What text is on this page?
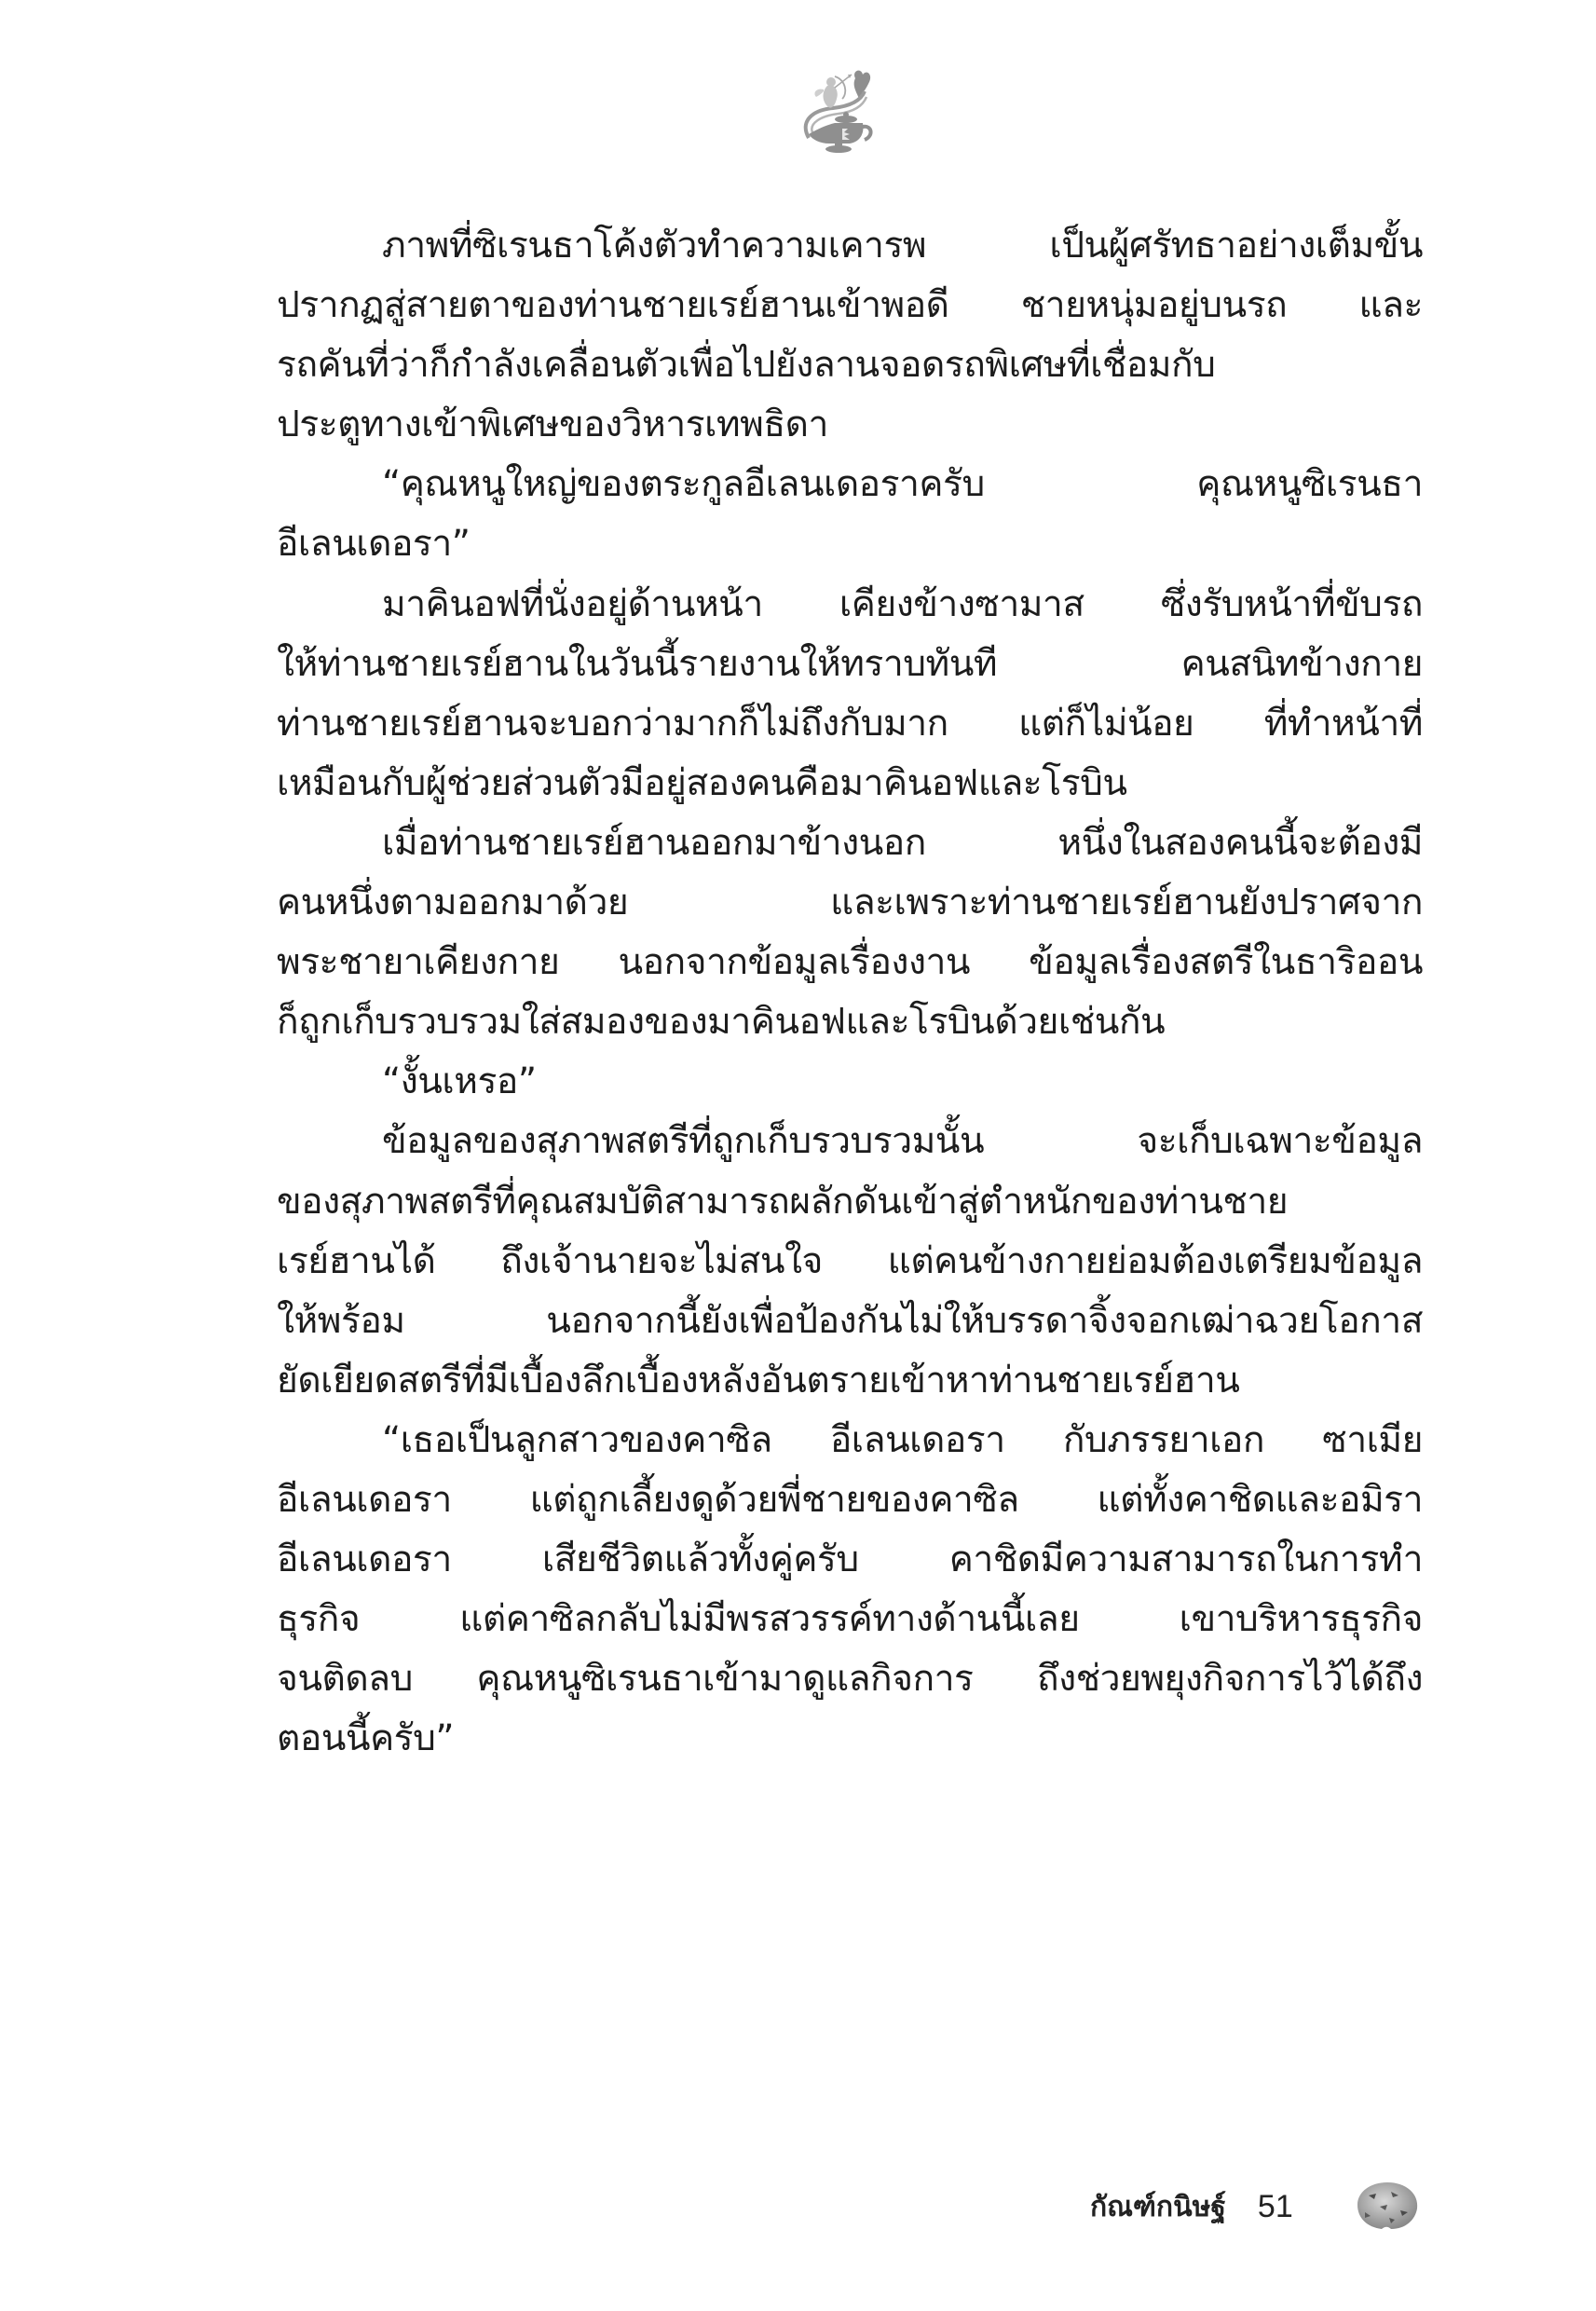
ภาพที่ซิเรนธาโค้งตัวทำความเคารพ เป็นผู้ศรัทธาอย่างเต็มขั้น
ปรากฏสู่สายตาของท่านชายเรย์ฮานเข้าพอดี ชายหนุ่มอยู่บนรถ และ
รถคันที่ว่าก็กำลังเคลื่อนตัวเพื่อไปยังลานจอดรถพิเศษที่เชื่อมกับ
ประตูทางเข้าพิเศษของวิหารเทพธิดา
“คุณหนูใหญ่ของตระกูลอีเลนเดอราครับ คุณหนูซิเรนธา
อีเลนเดอรา”
มาคินอฟที่นั่งอยู่ด้านหน้า เคียงข้างซามาส ซึ่งรับหน้าที่ขับรถ
ให้ท่านชายเรย์ฮานในวันนี้รายงานให้ทราบทันที คนสนิทข้างกาย
ท่านชายเรย์ฮานจะบอกว่ามากก็ไม่ถึงกับมาก แต่ก็ไม่น้อย ที่ทำหน้าที่
เหมือนกับผู้ช่วยส่วนตัวมีอยู่สองคนคือมาคินอฟและโรบิน
เมื่อท่านชายเรย์ฮานออกมาข้างนอก หนึ่งในสองคนนี้จะต้องมี
คนหนึ่งตามออกมาด้วย และเพราะท่านชายเรย์ฮานยังปราศจาก
พระชายาเคียงกาย นอกจากข้อมูลเรื่องงาน ข้อมูลเรื่องสตรีในธาริออน
ก็ถูกเก็บรวบรวมใส่สมองของมาคินอฟและโรบินด้วยเช่นกัน
“งั้นเหรอ”
ข้อมูลของสุภาพสตรีที่ถูกเก็บรวบรวมนั้น จะเก็บเฉพาะข้อมูล
ของสุภาพสตรีที่คุณสมบัติสามารถผลักดันเข้าสู่ตำหนักของท่านชาย
เรย์ฮานได้ ถึงเจ้านายจะไม่สนใจ แต่คนข้างกายย่อมต้องเตรียมข้อมูล
ให้พร้อม นอกจากนี้ยังเพื่อป้องกันไม่ให้บรรดาจิ้งจอกเฒ่าฉวยโอกาส
ยัดเยียดสตรีที่มีเบื้องลึกเบื้องหลังอันตรายเข้าหาท่านชายเรย์ฮาน
“เธอเป็นลูกสาวของคาซิล อีเลนเดอรา กับภรรยาเอก ซาเมีย
อีเลนเดอรา แต่ถูกเลี้ยงดูด้วยพี่ชายของคาซิล แต่ทั้งคาชิดและอมิรา
อีเลนเดอรา เสียชีวิตแล้วทั้งคู่ครับ คาชิดมีความสามารถในการทำ
ธุรกิจ แต่คาซิลกลับไม่มีพรสวรรค์ทางด้านนี้เลย เขาบริหารธุรกิจ
จนติดลบ คุณหนูซิเรนธาเข้ามาดูแลกิจการ ถึงช่วยพยุงกิจการไว้ได้ถึง
ตอนนี้ครับ”
กัณฑ์กนิษฐ์ 51
